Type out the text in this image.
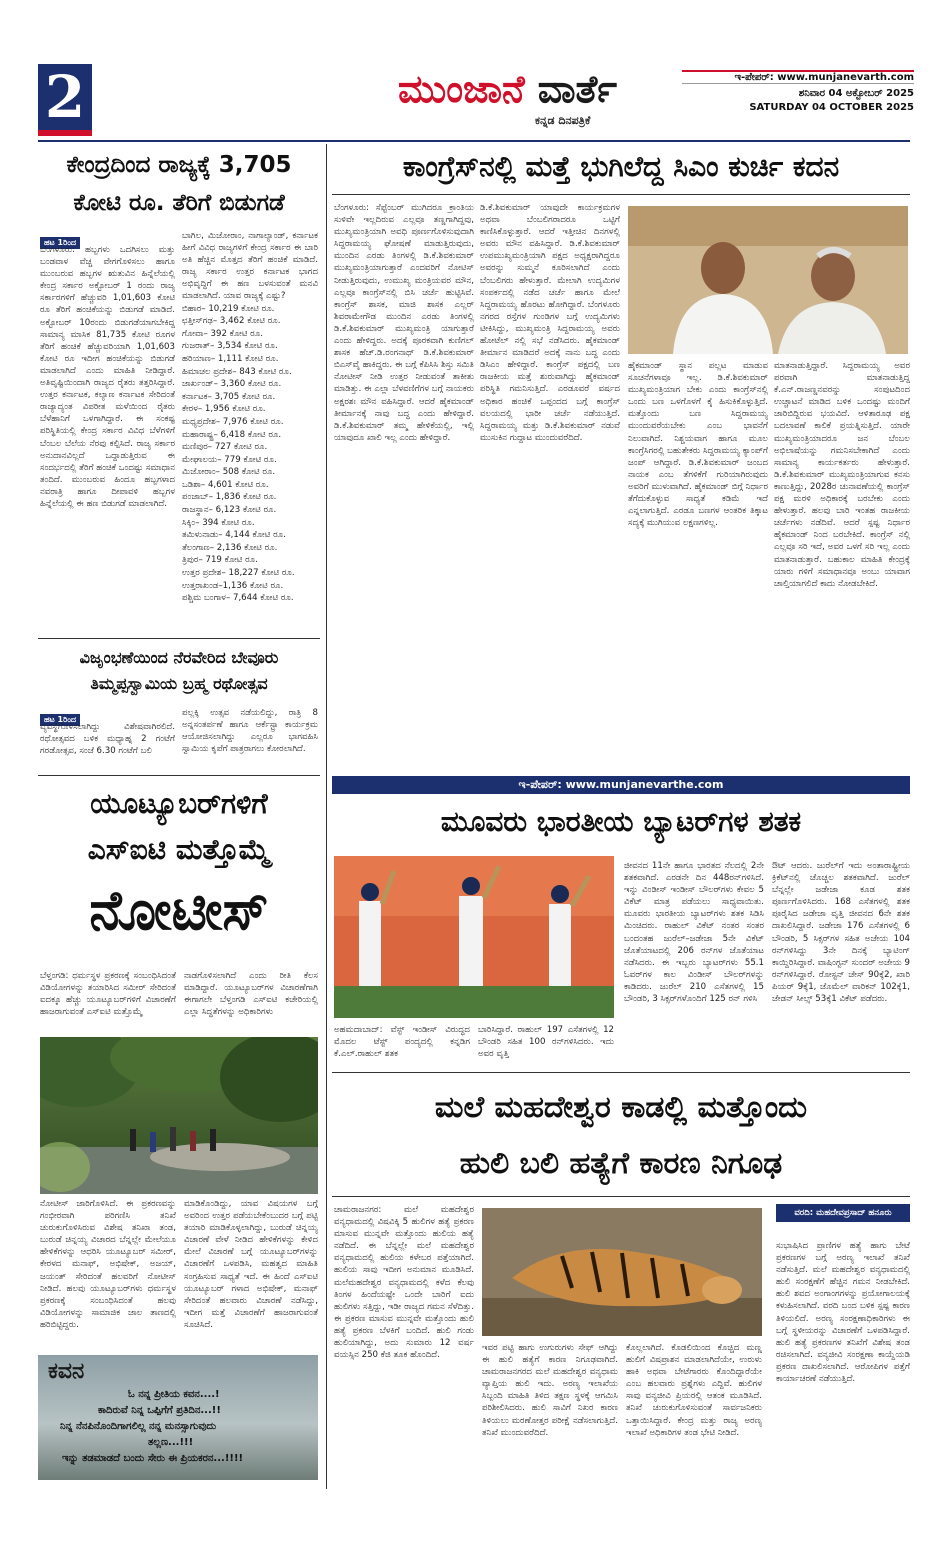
2	ಮುಂಜಾನೆ ವಾರ್ತೆ
ಕನ್ನಡ ದಿನಪತ್ರಿಕೆ
ಇ-ಪೇಪರ್: www.munjanevarth.com
ಶನಿವಾರ 04 ಅಕ್ಟೋಬರ್ 2025
SATURDAY 04 OCTOBER 2025
ಕೇಂದ್ರದಿಂದ ರಾಜ್ಯಕ್ಕೆ 3,705
ಕೋಟಿ ರೂ. ತೆರಿಗೆ ಬಿಡುಗಡೆ
ಹಟ 1ರಿಂದ
ಬೆಂಗಳೂರು: ಹಬ್ಬಗಳು ಒದಗಿಸಲು ಮತ್ತು ಬಂಡವಾಳ ವೆಚ್ಚ ವೇಗಗೊಳಿಸಲು ಹಾಗೂ ಮುಂಬರುವ ಹಬ್ಬಗಳ ಋತುವಿನ ಹಿನ್ನೆಲೆಯಲ್ಲಿ ಕೇಂದ್ರ ಸರ್ಕಾರ ಅಕ್ಟೋಬರ್ 1 ರಂದು ರಾಜ್ಯ ಸರ್ಕಾರಗಳಿಗೆ ಹೆಚ್ಚುವರಿ 1,01,603 ಕೋಟಿ ರೂ ತೆರಿಗೆ ಹಂಚಿಕೆಯನ್ನು ಬಿಡುಗಡೆ ಮಾಡಿದೆ. ಅಕ್ಟೋಬರ್ 10ರಂದು ಬಿಡುಗಡೆಯಾಗಬೇಕಿದ್ದ ಸಾಮಾನ್ಯ ಮಾಸಿಕ 81,735 ಕೋಟಿ ರೂಗಳ ತೆರಿಗೆ ಹಂಚಿಕೆ ಹೆಚ್ಚುವರಿಯಾಗಿ 1,01,603 ಕೋಟಿ ರೂ ಇದೀಗ ಹಂಚಿಕೆಯನ್ನು ಬಿಡುಗಡೆ ಮಾಡಲಾಗಿದೆ ಎಂದು ಮಾಹಿತಿ ನೀಡಿದ್ದಾರೆ. ಅತಿವೃಷ್ಟಿಯಿಂದಾಗಿ ರಾಜ್ಯದ ರೈತರು ತತ್ತರಿಸಿದ್ದಾರೆ. ಉತ್ತರ ಕರ್ನಾಟಕ, ಕಲ್ಯಾಣ ಕರ್ನಾಟಕ ಸೇರಿದಂತೆ ರಾಜ್ಯಾದ್ಯಂತ ವಿಪರೀತ ಮಳೆಯಿಂದ ರೈತರು ಬೆಳೆಹಾನಿಗೆ ಒಳಗಾಗಿದ್ದಾರೆ. ಈ ಸಂಕಷ್ಟ ಪರಿಸ್ಥಿತಿಯಲ್ಲಿ ಕೇಂದ್ರ ಸರ್ಕಾರ ವಿವಿಧ ಬೆಳೆಗಳಿಗೆ ಬೆಂಬಲ ಬೆಲೆಯ ನೆರವು ಕಲ್ಪಿಸಿದೆ. ರಾಜ್ಯ ಸರ್ಕಾರ ಅನುದಾನವಿಲ್ಲದೆ ಒದ್ದಾಡುತ್ತಿರುವ ಈ ಸಂದರ್ಭದಲ್ಲಿ ತೆರಿಗೆ ಹಂಚಿಕೆ ಒಂದಷ್ಟು ಸಮಾಧಾನ ತಂದಿದೆ. ಮುಂಬರುವ ಹಿಂದೂ ಹಬ್ಬಗಳಾದ ನವರಾತ್ರಿ ಹಾಗೂ ದೀಪಾವಳಿ ಹಬ್ಬಗಳ ಹಿನ್ನೆಲೆಯಲ್ಲಿ ಈ ಹಣ ಬಿಡುಗಡೆ ಮಾಡಲಾಗಿದೆ.
ಬಾಗಿಲ, ಮಿಜೋರಾಂ, ನಾಗಾಲ್ಯಾಂಡ್, ಕರ್ನಾಟಕ ಹೀಗೆ ವಿವಿಧ ರಾಜ್ಯಗಳಿಗೆ ಕೇಂದ್ರ ಸರ್ಕಾರ ಈ ಬಾರಿ ಅತಿ ಹೆಚ್ಚಿನ ಮೊತ್ತದ ತೆರಿಗೆ ಹಂಚಿಕೆ ಮಾಡಿದೆ. ರಾಜ್ಯ ಸರ್ಕಾರ ಉತ್ತರ ಕರ್ನಾಟಕ ಭಾಗದ ಅಭಿವೃದ್ಧಿಗೆ ಈ ಹಣ ಬಳಸುವಂತೆ ಮನವಿ ಮಾಡಲಾಗಿದೆ. ಯಾವ ರಾಜ್ಯಕ್ಕೆ ಎಷ್ಟು?
ಬಿಹಾರ– 10,219 ಕೋಟಿ ರೂ.
ಛತ್ತೀಸ್‌ಗಢ– 3,462 ಕೋಟಿ ರೂ.
ಗೋವಾ– 392 ಕೋಟಿ ರೂ.
ಗುಜರಾತ್– 3,534 ಕೋಟಿ ರೂ.
ಹರಿಯಾಣ– 1,111 ಕೋಟಿ ರೂ.
ಹಿಮಾಚಲ ಪ್ರದೇಶ– 843 ಕೋಟಿ ರೂ.
ಜಾರ್ಖಂಡ್– 3,360 ಕೋಟಿ ರೂ.
ಕರ್ನಾಟಕ– 3,705 ಕೋಟಿ ರೂ.
ಕೇರಳ– 1,956 ಕೋಟಿ ರೂ.
ಮಧ್ಯಪ್ರದೇಶ– 7,976 ಕೋಟಿ ರೂ.
ಮಹಾರಾಷ್ಟ್ರ– 6,418 ಕೋಟಿ ರೂ.
ಮಣಿಪುರ– 727 ಕೋಟಿ ರೂ.
ಮೇಘಾಲಯ– 779 ಕೋಟಿ ರೂ.
ಮಿಜೋರಾಂ– 508 ಕೋಟಿ ರೂ.
ಒಡಿಶಾ– 4,601 ಕೋಟಿ ರೂ.
ಪಂಜಾಬ್– 1,836 ಕೋಟಿ ರೂ.
ರಾಜಸ್ಥಾನ– 6,123 ಕೋಟಿ ರೂ.
ಸಿಕ್ಕಿಂ– 394 ಕೋಟಿ ರೂ.
ತಮಿಳುನಾಡು– 4,144 ಕೋಟಿ ರೂ.
ತೆಲಂಗಾಣ– 2,136 ಕೋಟಿ ರೂ.
ತ್ರಿಪುರ– 719 ಕೋಟಿ ರೂ.
ಉತ್ತರ ಪ್ರದೇಶ– 18,227 ಕೋಟಿ ರೂ.
ಉತ್ತರಾಖಂಡ–1,136 ಕೋಟಿ ರೂ.
ಪಶ್ಚಿಮ ಬಂಗಾಳ– 7,644 ಕೋಟಿ ರೂ.
ವಿಜೃಂಭಣೆಯಿಂದ ನೆರವೇರಿದ ಬೇವೂರು
ತಿಮ್ಮಪ್ಪಸ್ವಾಮಿಯ ಬ್ರಹ್ಮ ರಥೋತ್ಸವ
ಹಟ 1ರಿಂದ
ವ್ಯವಸ್ಥೆಗೊಳಿಸಲಾಗಿದ್ದು ವಿಶೇಷವಾಗಿರಲಿದೆ. ರಥೋತ್ಸವದ ಬಳಿಕ ಮಧ್ಯಾಹ್ನ 2 ಗಂಟೆಗೆ ಗರಡೋತ್ಸವ, ಸಂಜೆ 6.30 ಗಂಟೆಗೆ ಬಲಿ
ಪಲ್ಲಕ್ಕಿ ಉತ್ಸವ ನಡೆಯಲಿದ್ದು, ರಾತ್ರಿ 8 ಅನ್ನಸಂತರ್ಪಣೆ ಹಾಗೂ ಆರ್ಕೆಸ್ಟ್ರಾ ಕಾರ್ಯಕ್ರಮ ಆಯೋಜಿಸಲಾಗಿದ್ದು ಎಲ್ಲರೂ ಭಾಗವಹಿಸಿ ಸ್ವಾಮಿಯ ಕೃಪೆಗೆ ಪಾತ್ರರಾಗಲು ಕೋರಲಾಗಿದೆ.
ಯೂಟ್ಯೂಬರ್‌ಗಳಿಗೆ
ಎಸ್‌ಐಟಿ ಮತ್ತೊಮ್ಮೆ
ನೋಟೀಸ್
ಬೆಳ್ತಂಗಡಿ: ಧರ್ಮಸ್ಥಳ ಪ್ರಕರಣಕ್ಕೆ ಸಂಬಂಧಿಸಿದಂತೆ ವಿಡಿಯೋಗಳನ್ನು ತಯಾರಿಸಿದ ಸಮೀರ್ ಸೇರಿದಂತೆ ಐದಕ್ಕೂ ಹೆಚ್ಚು ಯೂಟ್ಯೂಬರ್‌ಗಳಿಗೆ ವಿಚಾರಣೆಗೆ ಹಾಜರಾಗುವಂತೆ ಎಸ್‌ಐಟಿ ಮತ್ತೊಮ್ಮೆ
ನಾಡಗೊಳಿಸಲಾಗಿದೆ ಎಂದು ರೀತಿ ಕೆಲಸ ಮಾಡಿದ್ದಾರೆ. ಯೂಟ್ಯೂಬರ್‌ಗಳ ವಿಚಾರಣೆಗಾಗಿ ಈಗಾಗಲೇ ಬೆಳ್ತಂಗಡಿ ಎಸ್‌ಐಟಿ ಕಚೇರಿಯಲ್ಲಿ ಎಲ್ಲಾ ಸಿದ್ಧತೆಗಳನ್ನು ಅಧಿಕಾರಿಗಳು
ನೋಟೀಸ್ ಜಾರಿಗೊಳಿಸಿದೆ. ಈ ಪ್ರಕರಣವನ್ನು ಗಂಭೀರವಾಗಿ ಪರಿಗಣಿಸಿ ತನಿಖೆ ಚುರುಕುಗೊಳಿಸಿರುವ ವಿಶೇಷ ತನಿಖಾ ತಂಡ, ಬುರುಡೆ ಚಿನ್ನಯ್ಯ ವಿಚಾರದ ಬೆನ್ನಲ್ಲೇ ಮೇಲೆಯೂ ಹೇಳಿಕೆಗಳನ್ನು ಆಧರಿಸಿ ಯೂಟ್ಯೂಬರ್ ಸಮೀರ್, ಕೇರಳದ ಮನಾಫ್, ಅಭಿಷೇಕ್, ಅಜಯ್, ಜಯಂತ್ ಸೇರಿದಂತೆ ಹಲವರಿಗೆ ನೋಟೀಸ್ ನೀಡಿದೆ. ಹಲವು ಯೂಟ್ಯೂಬರ್‌ಗಳು ಧರ್ಮಸ್ಥಳ ಪ್ರಕರಣಕ್ಕೆ ಸಂಬಂಧಿಸಿದಂತೆ ಹಲವು ವಿಡಿಯೋಗಳನ್ನು ಸಾಮಾಜಿಕ ಜಾಲ ತಾಣದಲ್ಲಿ ಹರಿಬಿಟ್ಟಿದ್ದರು.
ಮಾಡಿಕೊಂಡಿದ್ದು, ಯಾವ ವಿಷಯಗಳ ಬಗ್ಗೆ ಅವರಿಂದ ಉತ್ತರ ಪಡೆಯಬೇಕೆಂಬುದರ ಬಗ್ಗೆ ಪಟ್ಟಿ ತಯಾರಿ ಮಾಡಿಕೊಳ್ಳಲಾಗಿದ್ದು, ಬುರುಡೆ ಚಿನ್ನಯ್ಯ ವಿಚಾರಣೆ ವೇಳೆ ನೀಡಿದ ಹೇಳಿಕೆಗಳನ್ನು ಕೇಳಿದ ಮೇಲೆ ವಿಚಾರಣೆ ಬಗ್ಗೆ ಯೂಟ್ಯೂಬರ್‌ಗಳನ್ನು ವಿಚಾರಣೆಗೆ ಒಳಪಡಿಸಿ, ಮಹತ್ವದ ಮಾಹಿತಿ ಸಂಗ್ರಹಿಸುವ ಸಾಧ್ಯತೆ ಇದೆ. ಈ ಹಿಂದೆ ಎಸ್‌ಐಟಿ ಯೂಟ್ಯೂಬರ್ ಗಳಾದ ಅಭಿಷೇಕ್, ಮನಾಫ್ ಸೇರಿದಂತೆ ಹಲವಾರು ವಿಚಾರಣೆ ನಡೆಸಿದ್ದು, ಇದೀಗ ಮತ್ತೆ ವಿಚಾರಣೆಗೆ ಹಾಜರಾಗುವಂತೆ ಸೂಚಿಸಿದೆ.
ಕವನ
ಓ ನನ್ನ ಪ್ರೀತಿಯ ಕವನ....!
ಕಾದಿರುವೆ ನಿನ್ನ ಒಪ್ಪಿಗೆಗೆ ಪ್ರತಿದಿನ...!!
ನಿನ್ನ ನೆನಪಿನೊಂದಿಗಾಗಲಿಲ್ಲ ನನ್ನ ಮನಸ್ಸಾಗುವುದು
ತಲ್ಲಣ...!!!
ಇನ್ನು ತಡಮಾಡದೆ ಬಂದು ಸೇರು ಈ ಪ್ರಿಯಕರನ...!!!!
ಕಾಂಗ್ರೆಸ್‌ನಲ್ಲಿ ಮತ್ತೆ ಭುಗಿಲೆದ್ದ ಸಿಎಂ ಕುರ್ಚಿ ಕದನ
ಬೆಂಗಳೂರು: ಸೆಪ್ಟೆಂಬರ್ ಮುಗಿದರೂ ಕ್ರಾಂತಿಯ ಸುಳಿವೇ ಇಲ್ಲದಿರುವ ಎಲ್ಲವೂ ತಣ್ಣಗಾಗಿದ್ದವು, ಮುಖ್ಯಮಂತ್ರಿಯಾಗಿ ಅವಧಿ ಪೂರ್ಣಗೊಳಿಸುವುದಾಗಿ ಸಿದ್ದರಾಮಯ್ಯ ಘೋಷಣೆ ಮಾಡುತ್ತಿರುವುದು, ಮುಂದಿನ ಎರಡು ತಿಂಗಳಲ್ಲಿ ಡಿ.ಕೆ.ಶಿವಕುಮಾರ್ ಮುಖ್ಯಮಂತ್ರಿಯಾಗುತ್ತಾರೆ ಎಂದವರಿಗೆ ನೋಟಿಸ್ ನೀಡುತ್ತಿರುವುದು, ಉಮುಖ್ಯ ಮಂತ್ರಿಯವರ ಮೌನ, ಎಲ್ಲವೂ ಕಾಂಗ್ರೆಸ್‌ನಲ್ಲಿ ಬಿಸಿ ಚರ್ಚೆ ಹುಟ್ಟಿಸಿವೆ. ಕಾಂಗ್ರೆಸ್ ಶಾಸಕ, ಮಾಜಿ ಶಾಸಕ ಎಲ್ಲರ್ ಶಿವರಾಮೇಗೌಡ ಮುಂದಿನ ಎರಡು ತಿಂಗಳಲ್ಲಿ ಡಿ.ಕೆ.ಶಿವಕುಮಾರ್ ಮುಖ್ಯಮಂತ್ರಿ ಯಾಗುತ್ತಾರೆ ಎಂದು ಹೇಳಿದ್ದರು. ಅದಕ್ಕೆ ಪೂರಕವಾಗಿ ಕುಣಿಗಲ್ ಶಾಸಕ ಹೆಚ್.ಡಿ.ರಂಗನಾಥ್ ಡಿ.ಕೆ.ಶಿವಕುಮಾರ್ ಬಿಎಸ್‌ವೈ ಹಾಕಿದ್ದರು. ಈ ಬಗ್ಗೆ ಕೆಪಿಸಿಸಿ ಶಿಸ್ತು ಸಮಿತಿ ನೋಟೀಸ್ ನೀಡಿ ಉತ್ತರ ನೀಡುವಂತೆ ತಾಕೀತು ಮಾಡಿತ್ತು. ಈ ಎಲ್ಲಾ ಬೆಳವಣಿಗೆಗಳ ಬಗ್ಗೆ ನಾಯಕರು ಅಕ್ಷರಶಃ ಮೌನ ವಹಿಸಿದ್ದಾರೆ. ಆದರೆ ಹೈಕಮಾಂಡ್ ತೀರ್ಮಾನಕ್ಕೆ ನಾವು ಬದ್ಧ ಎಂದು ಹೇಳಿದ್ದಾರೆ. ಡಿ.ಕೆ.ಶಿವಕುಮಾರ್ ತಮ್ಮ ಹೇಳಿಕೆಯಲ್ಲಿ, ಇಲ್ಲಿ ಯಾವುದೂ ಖಾಲಿ ಇಲ್ಲ ಎಂದು ಹೇಳಿದ್ದಾರೆ.
ಡಿ.ಕೆ.ಶಿವಕುಮಾರ್ ಯಾವುದೇ ಕಾರ್ಯಕ್ರಮಗಳ ಅಥವಾ ಬೆಂಬಲಿಗರಾದರೂ ಒಟ್ಟಿಗೆ ಕಾಣಿಸಿಕೊಳ್ಳುತ್ತಾರೆ. ಆದರೆ ಇತ್ತೀಚಿನ ದಿನಗಳಲ್ಲಿ ಅವರು ಮೌನ ವಹಿಸಿದ್ದಾರೆ. ಡಿ.ಕೆ.ಶಿವಕುಮಾರ್ ಉಪಮುಖ್ಯಮಂತ್ರಿಯಾಗಿ ಪಕ್ಷದ ಅಧ್ಯಕ್ಷರಾಗಿದ್ದರೂ ಅವರನ್ನು ಸುಮ್ಮನೆ ಕೂರಿಸಲಾಗಿದೆ ಎಂದು ಬೆಂಬಲಿಗರು ಹೇಳುತ್ತಾರೆ. ಮೇಲಾಗಿ ಉದ್ಯಮಿಗಳ ಸಂಪರ್ಕದಲ್ಲಿ ನಡೆದ ಚರ್ಚೆ ಹಾಗೂ ಮೇಲೆ ಸಿದ್ದರಾಮಯ್ಯ ಹೊರಟು ಹೋಗಿದ್ದಾರೆ. ಬೆಂಗಳೂರು ನಗರದ ರಸ್ತೆಗಳ ಗುಂಡಿಗಳ ಬಗ್ಗೆ ಉದ್ಯಮಿಗಳು ಟೀಕಿಸಿದ್ದು, ಮುಖ್ಯಮಂತ್ರಿ ಸಿದ್ದರಾಮಯ್ಯ ಅವರು ಹೋಟೆಲ್ ನಲ್ಲಿ ಸಭೆ ನಡೆಸಿದರು. ಹೈಕಮಾಂಡ್ ತೀರ್ಮಾನ ಮಾಡಿದರೆ ಅದಕ್ಕೆ ನಾನು ಬದ್ಧ ಎಂದು ಡಿಸಿಎಂ ಹೇಳಿದ್ದಾರೆ. ಕಾಂಗ್ರೆಸ್ ಪಕ್ಷದಲ್ಲಿ ಬಣ ರಾಜಕೀಯ ಮತ್ತೆ ಶುರುವಾಗಿದ್ದು ಹೈಕಮಾಂಡ್ ಪರಿಸ್ಥಿತಿ ಗಮನಿಸುತ್ತಿದೆ. ಎರಡೂವರೆ ವರ್ಷದ ಅಧಿಕಾರ ಹಂಚಿಕೆ ಒಪ್ಪಂದದ ಬಗ್ಗೆ ಕಾಂಗ್ರೆಸ್ ವಲಯದಲ್ಲಿ ಭಾರೀ ಚರ್ಚೆ ನಡೆಯುತ್ತಿದೆ. ಸಿದ್ದರಾಮಯ್ಯ ಮತ್ತು ಡಿ.ಕೆ.ಶಿವಕುಮಾರ್ ನಡುವೆ ಮುಸುಕಿನ ಗುದ್ದಾಟ ಮುಂದುವರೆದಿದೆ.
ಹೈಕಮಾಂಡ್ ಸ್ಥಾನ ಪಲ್ಲಟ ಮಾಡುವ ಸೂಚನೆಗಳಾವೂ ಇಲ್ಲ. ಡಿ.ಕೆ.ಶಿವಕುಮಾರ್ ಮುಖ್ಯಮಂತ್ರಿಯಾಗ ಬೇಕು ಎಂದು ಕಾಂಗ್ರೆಸ್‌ನಲ್ಲಿ ಒಂದು ಬಣ ಒಳಗೊಳಗೆ ಕೈ ಹಿಸುಕಿಕೊಳ್ಳುತ್ತಿದೆ. ಮತ್ತೊಂದು ಬಣ ಸಿದ್ದರಾಮಯ್ಯ ಮುಂದುವರೆಯಬೇಕು ಎಂಬ ಭಾವನೆಗೆ ನಿಲುವಾಗಿದೆ. ನಿಶ್ಚಯವಾಗ ಹಾಗೂ ಮೂಲ ಕಾಂಗ್ರೆಸಿಗರಲ್ಲಿ ಬಹುತೇಕರು ಸಿದ್ದರಾಮಯ್ಯ ಕ್ಯಾಂಪ್‌ಗೆ ಜಂಪ್ ಆಗಿದ್ದಾರೆ. ಡಿ.ಕೆ.ಶಿವಕುಮಾರ್ ಜಂಬದ ನಾಯಕ ಎಂಬ ತೆಗಳಿಕೆಗೆ ಗುರಿಯಾಗಿರುವುದು ಅವರಿಗೆ ಮುಳುವಾಗಿದೆ. ಹೈಕಮಾಂಡ್ ಬಿಗ್ಗೆ ನಿರ್ಧಾರ ತೆಗೆದುಕೊಳ್ಳುವ ಸಾಧ್ಯತೆ ಕಡಿಮೆ ಇದೆ ಎನ್ನಲಾಗುತ್ತಿದೆ. ಎರಡೂ ಬಣಗಳ ಆಂತರಿಕ ತಿಕ್ಕಾಟ ಸದ್ಯಕ್ಕೆ ಮುಗಿಯುವ ಲಕ್ಷಣಗಳಿಲ್ಲ.
ಮಾತನಾಡುತ್ತಿದ್ದಾರೆ. ಸಿದ್ದರಾಮಯ್ಯ ಅವರ ಪರವಾಗಿ ಮಾತನಾಡುತ್ತಿದ್ದ ಕೆ.ಎನ್.ರಾಜಣ್ಣನವರನ್ನು ಸಂಪುಟದಿಂದ ಉಚ್ಚಾಟನೆ ಮಾಡಿದ ಬಳಿಕ ಒಂದಷ್ಟು ಮಂದಿಗೆ ಜಾರಿಬಿದ್ದಿರುವ ಭಯವಿದೆ. ಆಳಿತಾರೂಢ ಪಕ್ಷ ಬದಲಾವಣೆ ಕಾಲಿಕೆ ಪ್ರಯತ್ನಿಸುತ್ತಿದೆ. ಯಾರೇ ಮುಖ್ಯಮಂತ್ರಿಯಾದರೂ ಜನ ಬೆಂಬಲ ಅಭಿಲಾಷೆಯನ್ನು ಗಮನಿಸಬೇಕಾಗಿದೆ ಎಂದು ಸಾಮಾನ್ಯ ಕಾರ್ಯಕರ್ತರು ಹೇಳುತ್ತಾರೆ. ಡಿ.ಕೆ.ಶಿವಕುಮಾರ್ ಮುಖ್ಯಮಂತ್ರಿಯಾಗುವ ಕನಸು ಕಾಣುತ್ತಿದ್ದು, 2028ರ ಚುನಾವಣೆಯಲ್ಲಿ ಕಾಂಗ್ರೆಸ್ ಪಕ್ಷ ಮರಳಿ ಅಧಿಕಾರಕ್ಕೆ ಬರಬೇಕು ಎಂದು ಹೇಳುತ್ತಾರೆ. ಹಲವು ಬಾರಿ ಇಂತಹ ರಾಜಕೀಯ ಚರ್ಚೆಗಳು ನಡೆದಿವೆ. ಆದರೆ ಸ್ಪಷ್ಟ ನಿರ್ಧಾರ ಹೈಕಮಾಂಡ್ ನಿಂದ ಬರಬೇಕಿದೆ. ಕಾಂಗ್ರೆಸ್ ನಲ್ಲಿ ಎಲ್ಲವೂ ಸರಿ ಇದೆ, ಅವರ ಒಳಗೆ ಸರಿ ಇಲ್ಲ ಎಂದು ಮಾತನಾಡುತ್ತಾರೆ. ಬಹುಕಾಲ ಮಾಹಿತಿ ಕೇಂದ್ರಕ್ಕೆ ಯಾರು ಗಳಿಗೆ ಸಮಾಧಾನವೂ ಅಂಬು ಯಾವಾಗ ಚಾಲ್ತಿಯಾಗಲಿದೆ ಕಾದು ನೋಡಬೇಕಿದೆ.
ಇ-ಪೇಪರ್: www.munjanevarthe.com
ಮೂವರು ಭಾರತೀಯ ಬ್ಯಾಟರ್‌ಗಳ ಶತಕ
ಅಹಮದಾಬಾದ್: ವೆಸ್ಟ್ ಇಂಡೀಸ್ ವಿರುದ್ಧದ ಮೊದಲ ಟೆಸ್ಟ್ ಪಂದ್ಯದಲ್ಲಿ ಕನ್ನಡಿಗ ಕೆ.ಎಲ್.ರಾಹುಲ್ ಶತಕ
ಬಾರಿಸಿದ್ದಾರೆ. ರಾಹುಲ್ 197 ಎಸೆತಗಳಲ್ಲಿ 12 ಬೌಂಡರಿ ಸಹಿತ 100 ರನ್‌ಗಳಿಸಿದರು. ಇದು ಅವರ ವೃತ್ತಿ
ಜೀವನದ 11ನೇ ಹಾಗೂ ಭಾರತದ ನೆಲದಲ್ಲಿ 2ನೇ ಶತಕವಾಗಿದೆ. ಎರಡನೇ ದಿನ 448ರನ್‌ಗಳಿಸಿದೆ. ಇನ್ನು ವಿಂಡೀಸ್ ಇಂಡೀಸ್ ಬೌಲರ್‌ಗಳು ಕೇವಲ 5 ವಿಕೆಟ್ ಮಾತ್ರ ಪಡೆಯಲು ಸಾಧ್ಯವಾಯಿತು. ಮೂವರು ಭಾರತೀಯ ಬ್ಯಾಟರ್‌ಗಳು ಶತಕ ಸಿಡಿಸಿ ಮಿಂಚಿದರು. ರಾಹುಲ್ ವಿಕೆಟ್ ನಂತರ ಸಂತರ ಬಂದಂತಹ ಜುರೆಲ್–ಜಡೇಜಾ 5ನೇ ವಿಕೆಟ್ ಜೊತೆಯಾಟದಲ್ಲಿ 206 ರನ್‌ಗಳ ಜೊತೆಯಾಟ ನಡೆಸಿದರು. ಈ ಇಬ್ಬರು ಬ್ಯಾಟರ್‌ಗಳು 55.1 ಓವರ್‌ಗಳ ಕಾಲ ವಿಂಡೀಸ್ ಬೌಲರ್‌ಗಳನ್ನು ಕಾಡಿದರು. ಜುರೆಲ್ 210 ಎಸೆತಗಳಲ್ಲಿ 15 ಬೌಂಡರಿ, 3 ಸಿಕ್ಸರ್‌ಗಳೊಂದಿಗೆ 125 ರನ್ ಗಳಿಸಿ
ಔಟ್ ಆದರು. ಜುರೆಲ್‌ಗೆ ಇದು ಅಂತಾರಾಷ್ಟ್ರೀಯ ಕ್ರಿಕೆಟ್‌ನಲ್ಲಿ ಚೊಚ್ಚಲ ಶತಕವಾಗಿದೆ. ಜುರೆಲ್ ಬೆನ್ನಲ್ಲೇ ಜಡೇಜಾ ಕೂಡ ಶತಕ ಪೂರ್ಣಗೊಳಿಸಿದರು. 168 ಎಸೆತಗಳಲ್ಲಿ ಶತಕ ಪೂರೈಸಿದ ಜಡೇಜಾ ವೃತ್ತಿ ಜೀವನದ 6ನೇ ಶತಕ ದಾಖಲಿಸಿದ್ದಾರೆ. ಜಡೇಜಾ 176 ಎಸೆತಗಳಲ್ಲಿ 6 ಬೌಂಡರಿ, 5 ಸಿಕ್ಸರ್‌ಗಳ ಸಹಿತ ಅಜೇಯ 104 ರನ್‌ಗಳಿಸಿದ್ದು 3ನೇ ದಿನಕ್ಕೆ ಬ್ಯಾಟಿಂಗ್ ಕಾಯ್ದಿರಿಸಿದ್ದಾರೆ. ವಾಷಿಂಗ್ಟನ್ ಸುಂದರ್ ಅಜೇಯ 9 ರನ್‌ಗಳಿಸಿದ್ದಾರೆ. ರೋಸ್ಟನ್ ಚೇಸ್ 90ಕ್ಕೆ2, ಖಾರಿ ಪಿಯರ್ 9ಕ್ಕೆ1, ಜೊಮೆಲ್ ವಾರಿಕನ್ 102ಕ್ಕೆ1, ಜೇಡನ್ ಸೀಲ್ಸ್ 53ಕ್ಕೆ1 ವಿಕೆಟ್ ಪಡೆದರು.
ಮಲೆ ಮಹದೇಶ್ವರ ಕಾಡಲ್ಲಿ ಮತ್ತೊಂದು
ಹುಲಿ ಬಲಿ ಹತ್ಯೆಗೆ ಕಾರಣ ನಿಗೂಢ
ಚಾಮರಾಜನಗರ: ಮಲೆ ಮಹದೇಶ್ವರ ವನ್ಯಧಾಮದಲ್ಲಿ ವಿಷವಿಕ್ಕಿ 5 ಹುಲಿಗಳ ಹತ್ಯೆ ಪ್ರಕರಣ ಮಾಸುವ ಮುನ್ನವೇ ಮತ್ತೊಂದು ಹುಲಿಯ ಹತ್ಯೆ ನಡೆದಿದೆ. ಈ ಬೆನ್ನಲ್ಲೇ ಮಲೆ ಮಹದೇಶ್ವರ ವನ್ಯಧಾಮದಲ್ಲಿ ಹುಲಿಯ ಕಳೇಬರ ಪತ್ತೆಯಾಗಿದೆ. ಹುಲಿಯ ಸಾವು ಇದೀಗ ಅನುಮಾನ ಮೂಡಿಸಿದೆ. ಮಲೆಮಹದೇಶ್ವರ ವನ್ಯಧಾಮದಲ್ಲಿ ಕಳೆದ ಕೆಲವು ತಿಂಗಳ ಹಿಂದೆಯಷ್ಟೇ ಒಂದೇ ಬಾರಿಗೆ ಐದು ಹುಲಿಗಳು ಸತ್ತಿದ್ದು, ಇಡೀ ರಾಜ್ಯದ ಗಮನ ಸೆಳೆದಿತ್ತು. ಈ ಪ್ರಕರಣ ಮಾಸುವ ಮುನ್ನವೇ ಮತ್ತೊಂದು ಹುಲಿ ಹತ್ಯೆ ಪ್ರಕರಣ ಬೆಳಕಿಗೆ ಬಂದಿದೆ. ಹುಲಿ ಗಂಡು ಹುಲಿಯಾಗಿದ್ದು, ಅದು ಸುಮಾರು 12 ವರ್ಷ ವಯಸ್ಸಿನ 250 ಕೆಜಿ ತೂಕ ಹೊಂದಿದೆ.
ಇವರ ಪಟ್ಟಿ ಹಾಗು ಉಗುರುಗಳು ಸೇಫ್ ಆಗಿದ್ದು ಈ ಹುಲಿ ಹತ್ಯೆಗೆ ಕಾರಣ ನಿಗೂಢವಾಗಿದೆ. ಚಾಮರಾಜನಗರದ ಮಲೆ ಮಹದೇಶ್ವರ ವನ್ಯಧಾಮ ವ್ಯಾಪ್ತಿಯ ಹುಲಿ ಇದು. ಅರಣ್ಯ ಇಲಾಖೆಯ ಸಿಬ್ಬಂದಿ ಮಾಹಿತಿ ತಿಳಿದ ತಕ್ಷಣ ಸ್ಥಳಕ್ಕೆ ಆಗಮಿಸಿ ಪರಿಶೀಲಿಸಿದರು. ಹುಲಿ ಸಾವಿಗೆ ನಿಖರ ಕಾರಣ ತಿಳಿಯಲು ಮರಣೋತ್ತರ ಪರೀಕ್ಷೆ ನಡೆಸಲಾಗುತ್ತಿದೆ. ತನಿಖೆ ಮುಂದುವರೆದಿದೆ.
ಕೊಲ್ಲಲಾಗಿದೆ. ಕೊಡಲಿಯಿಂದ ಕೊಚ್ಚಿದ ಮಣ್ಣ ಹುಲಿಗೆ ವಿಷಪ್ರಾಶನ ಮಾಡಲಾಗಿದೆಯೇ, ಉರುಳು ಹಾಕಿ ಅಥವಾ ಬೇಟೆಗಾರರು ಕೊಂದಿದ್ದಾರೆಯೇ ಎಂಬ ಹಲವಾರು ಪ್ರಶ್ನೆಗಳು ಎದ್ದಿವೆ. ಹುಲಿಗಳ ಸಾವು ವನ್ಯಜೀವಿ ಪ್ರಿಯರಲ್ಲಿ ಆತಂಕ ಮೂಡಿಸಿದೆ. ತನಿಖೆ ಚುರುಕುಗೊಳಿಸುವಂತೆ ಸಾರ್ವಜನಿಕರು ಒತ್ತಾಯಿಸಿದ್ದಾರೆ. ಕೇಂದ್ರ ಮತ್ತು ರಾಜ್ಯ ಅರಣ್ಯ ಇಲಾಖೆ ಅಧಿಕಾರಿಗಳ ತಂಡ ಭೇಟಿ ನೀಡಿದೆ.
ವರದಿ: ಮಹದೇವಪ್ರಸಾದ್ ಹನೂರು
ಸುಭಾಷಿಸಿದ ಪ್ರಾಣಿಗಳ ಹತ್ಯೆ ಹಾಗು ಬೇಟೆ ಪ್ರಕರಣಗಳ ಬಗ್ಗೆ ಅರಣ್ಯ ಇಲಾಖೆ ತನಿಖೆ ನಡೆಸುತ್ತಿದೆ. ಮಲೆ ಮಹದೇಶ್ವರ ವನ್ಯಧಾಮದಲ್ಲಿ ಹುಲಿ ಸಂರಕ್ಷಣೆಗೆ ಹೆಚ್ಚಿನ ಗಮನ ನೀಡಬೇಕಿದೆ. ಹುಲಿ ಶವದ ಅಂಗಾಂಗಗಳನ್ನು ಪ್ರಯೋಗಾಲಯಕ್ಕೆ ಕಳುಹಿಸಲಾಗಿದೆ. ವರದಿ ಬಂದ ಬಳಿಕ ಸ್ಪಷ್ಟ ಕಾರಣ ತಿಳಿಯಲಿದೆ. ಅರಣ್ಯ ಸಂರಕ್ಷಣಾಧಿಕಾರಿಗಳು ಈ ಬಗ್ಗೆ ಸ್ಥಳೀಯರನ್ನು ವಿಚಾರಣೆಗೆ ಒಳಪಡಿಸಿದ್ದಾರೆ. ಹುಲಿ ಹತ್ಯೆ ಪ್ರಕರಣಗಳ ತನಿಖೆಗೆ ವಿಶೇಷ ತಂಡ ರಚಿಸಲಾಗಿದೆ. ವನ್ಯಜೀವಿ ಸಂರಕ್ಷಣಾ ಕಾಯ್ದೆಯಡಿ ಪ್ರಕರಣ ದಾಖಲಿಸಲಾಗಿದೆ. ಆರೋಪಿಗಳ ಪತ್ತೆಗೆ ಕಾರ್ಯಾಚರಣೆ ನಡೆಯುತ್ತಿದೆ.
